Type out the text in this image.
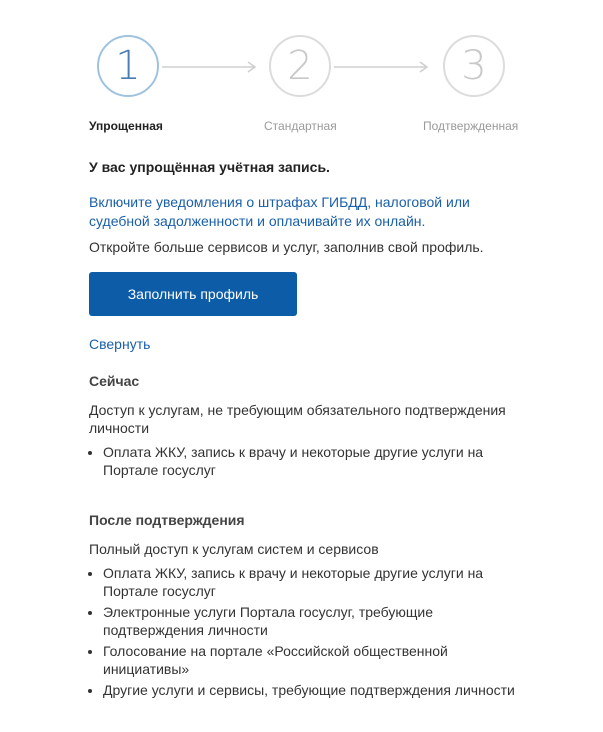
1	2	3
Упрощенная	Стандартная	Подтвержденная

У вас упрощённая учётная запись.

Включите уведомления о штрафах ГИБДД, налоговой или судебной задолженности и оплачивайте их онлайн.
Откройте больше сервисов и услуг, заполнив свой профиль.
Заполнить профиль
Свернуть

Сейчас

Доступ к услугам, не требующим обязательного подтверждения личности
• Оплата ЖКУ, запись к врачу и некоторые другие услуги на Портале госуслуг

После подтверждения

Полный доступ к услугам систем и сервисов
• Оплата ЖКУ, запись к врачу и некоторые другие услуги на Портале госуслуг
• Электронные услуги Портала госуслуг, требующие подтверждения личности
• Голосование на портале «Российской общественной инициативы»
• Другие услуги и сервисы, требующие подтверждения личности
